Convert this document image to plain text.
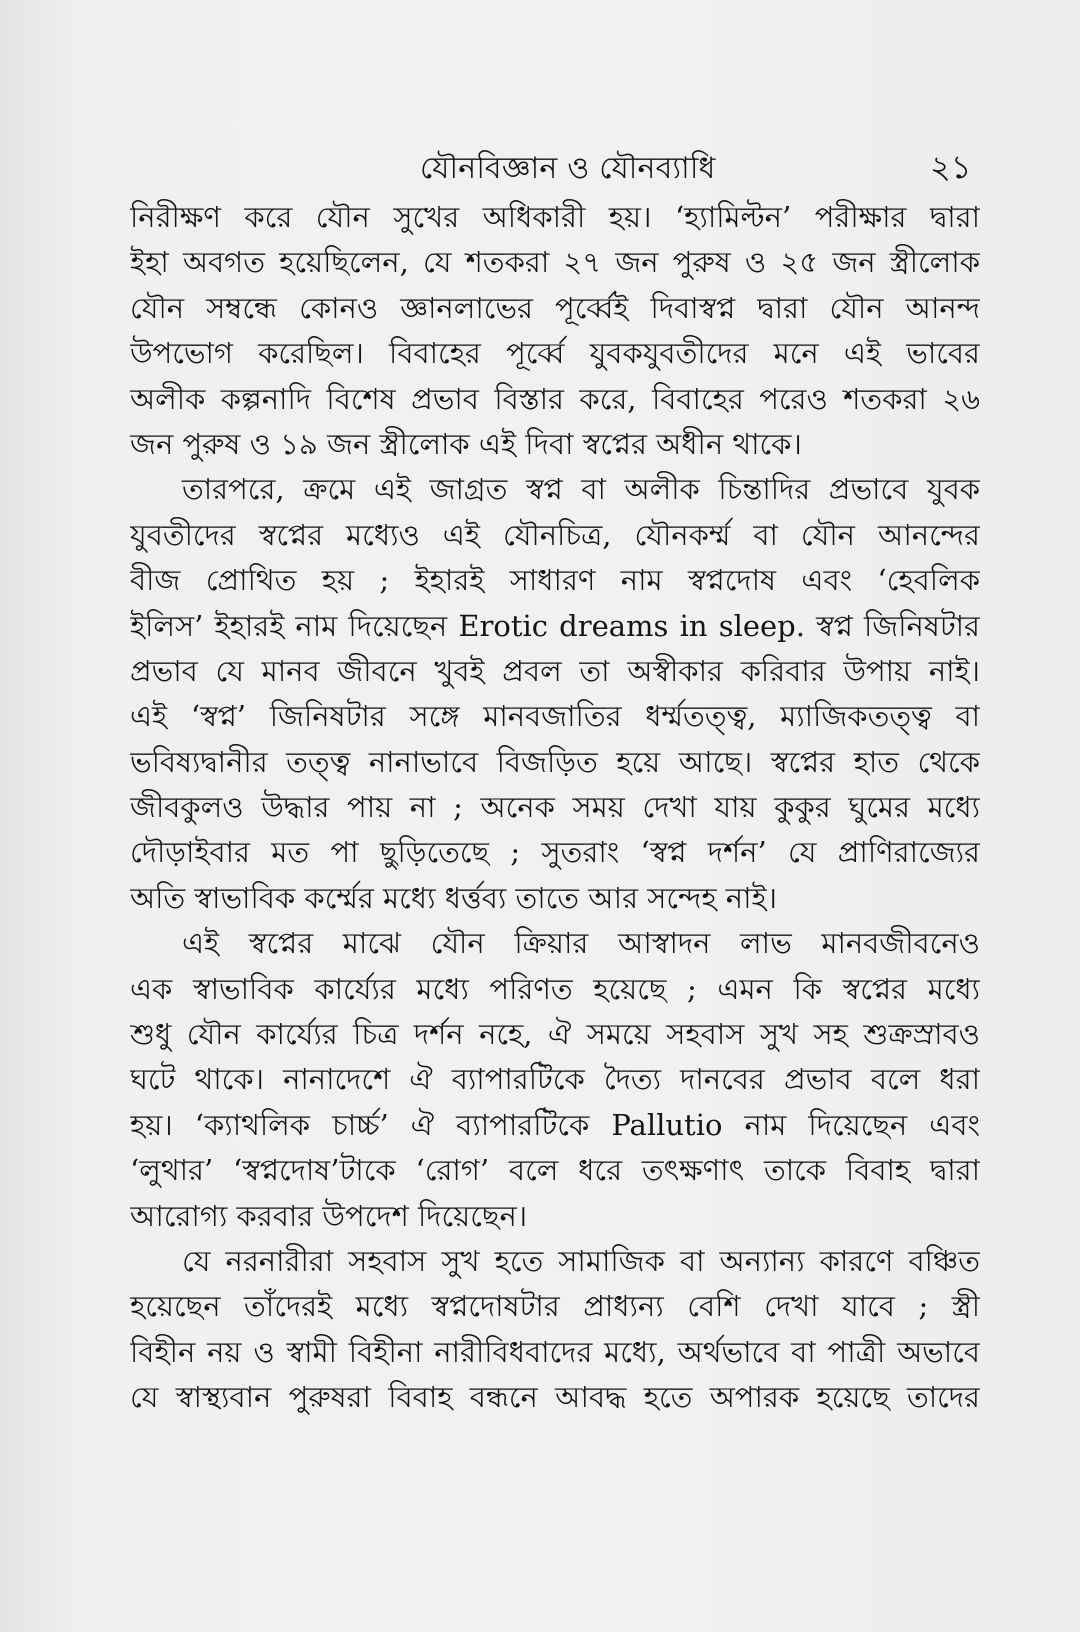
যৌনবিজ্ঞান ও যৌনব্যাধি	২১
নিরীক্ষণ করে যৌন সুখের অধিকারী হয়। ‘হ্যামিল্টন’ পরীক্ষার দ্বারা
ইহা অবগত হয়েছিলেন, যে শতকরা ২৭ জন পুরুষ ও ২৫ জন স্ত্রীলোক
যৌন সম্বন্ধে কোনও জ্ঞানলাভের পূর্ব্বেই দিবাস্বপ্ন দ্বারা যৌন আনন্দ
উপভোগ করেছিল। বিবাহের পূর্ব্বে যুবকযুবতীদের মনে এই ভাবের
অলীক কল্পনাদি বিশেষ প্রভাব বিস্তার করে, বিবাহের পরেও শতকরা ২৬
জন পুরুষ ও ১৯ জন স্ত্রীলোক এই দিবা স্বপ্নের অধীন থাকে।
তারপরে, ক্রমে এই জাগ্রত স্বপ্ন বা অলীক চিন্তাদির প্রভাবে যুবক
যুবতীদের স্বপ্নের মধ্যেও এই যৌনচিত্র, যৌনকর্ম্ম বা যৌন আনন্দের
বীজ প্রোথিত হয় ; ইহারই সাধারণ নাম স্বপ্নদোষ এবং ‘হেবলিক
ইলিস’ ইহারই নাম দিয়েছেন Erotic dreams in sleep. স্বপ্ন জিনিষটার
প্রভাব যে মানব জীবনে খুবই প্রবল তা অস্বীকার করিবার উপায় নাই।
এই ‘স্বপ্ন’ জিনিষটার সঙ্গে মানবজাতির ধর্ম্মতত্ত্ব, ম্যাজিকতত্ত্ব বা
ভবিষ্যদ্বানীর তত্ত্ব নানাভাবে বিজড়িত হয়ে আছে। স্বপ্নের হাত থেকে
জীবকুলও উদ্ধার পায় না ; অনেক সময় দেখা যায় কুকুর ঘুমের মধ্যে
দৌড়াইবার মত পা ছুড়িতেছে ; সুতরাং ‘স্বপ্ন দর্শন’ যে প্রাণিরাজ্যের
অতি স্বাভাবিক কর্ম্মের মধ্যে ধর্ত্তব্য তাতে আর সন্দেহ নাই।
এই স্বপ্নের মাঝে যৌন ক্রিয়ার আস্বাদন লাভ মানবজীবনেও
এক স্বাভাবিক কার্য্যের মধ্যে পরিণত হয়েছে ; এমন কি স্বপ্নের মধ্যে
শুধু যৌন কার্য্যের চিত্র দর্শন নহে, ঐ সময়ে সহবাস সুখ সহ শুক্রস্রাবও
ঘটে থাকে। নানাদেশে ঐ ব্যাপারটিকে দৈত্য দানবের প্রভাব বলে ধরা
হয়। ‘ক্যাথলিক চার্চ্চ’ ঐ ব্যাপারটিকে Pallutio নাম দিয়েছেন এবং
‘লুথার’ ‘স্বপ্নদোষ’টাকে ‘রোগ’ বলে ধরে তৎক্ষণাৎ তাকে বিবাহ দ্বারা
আরোগ্য করবার উপদেশ দিয়েছেন।
যে নরনারীরা সহবাস সুখ হতে সামাজিক বা অন্যান্য কারণে বঞ্চিত
হয়েছেন তাঁদেরই মধ্যে স্বপ্নদোষটার প্রাধ্যন্য বেশি দেখা যাবে ; স্ত্রী
বিহীন নয় ও স্বামী বিহীনা নারীবিধবাদের মধ্যে, অর্থভাবে বা পাত্রী অভাবে
যে স্বাস্থ্যবান পুরুষরা বিবাহ বন্ধনে আবদ্ধ হতে অপারক হয়েছে তাদের
